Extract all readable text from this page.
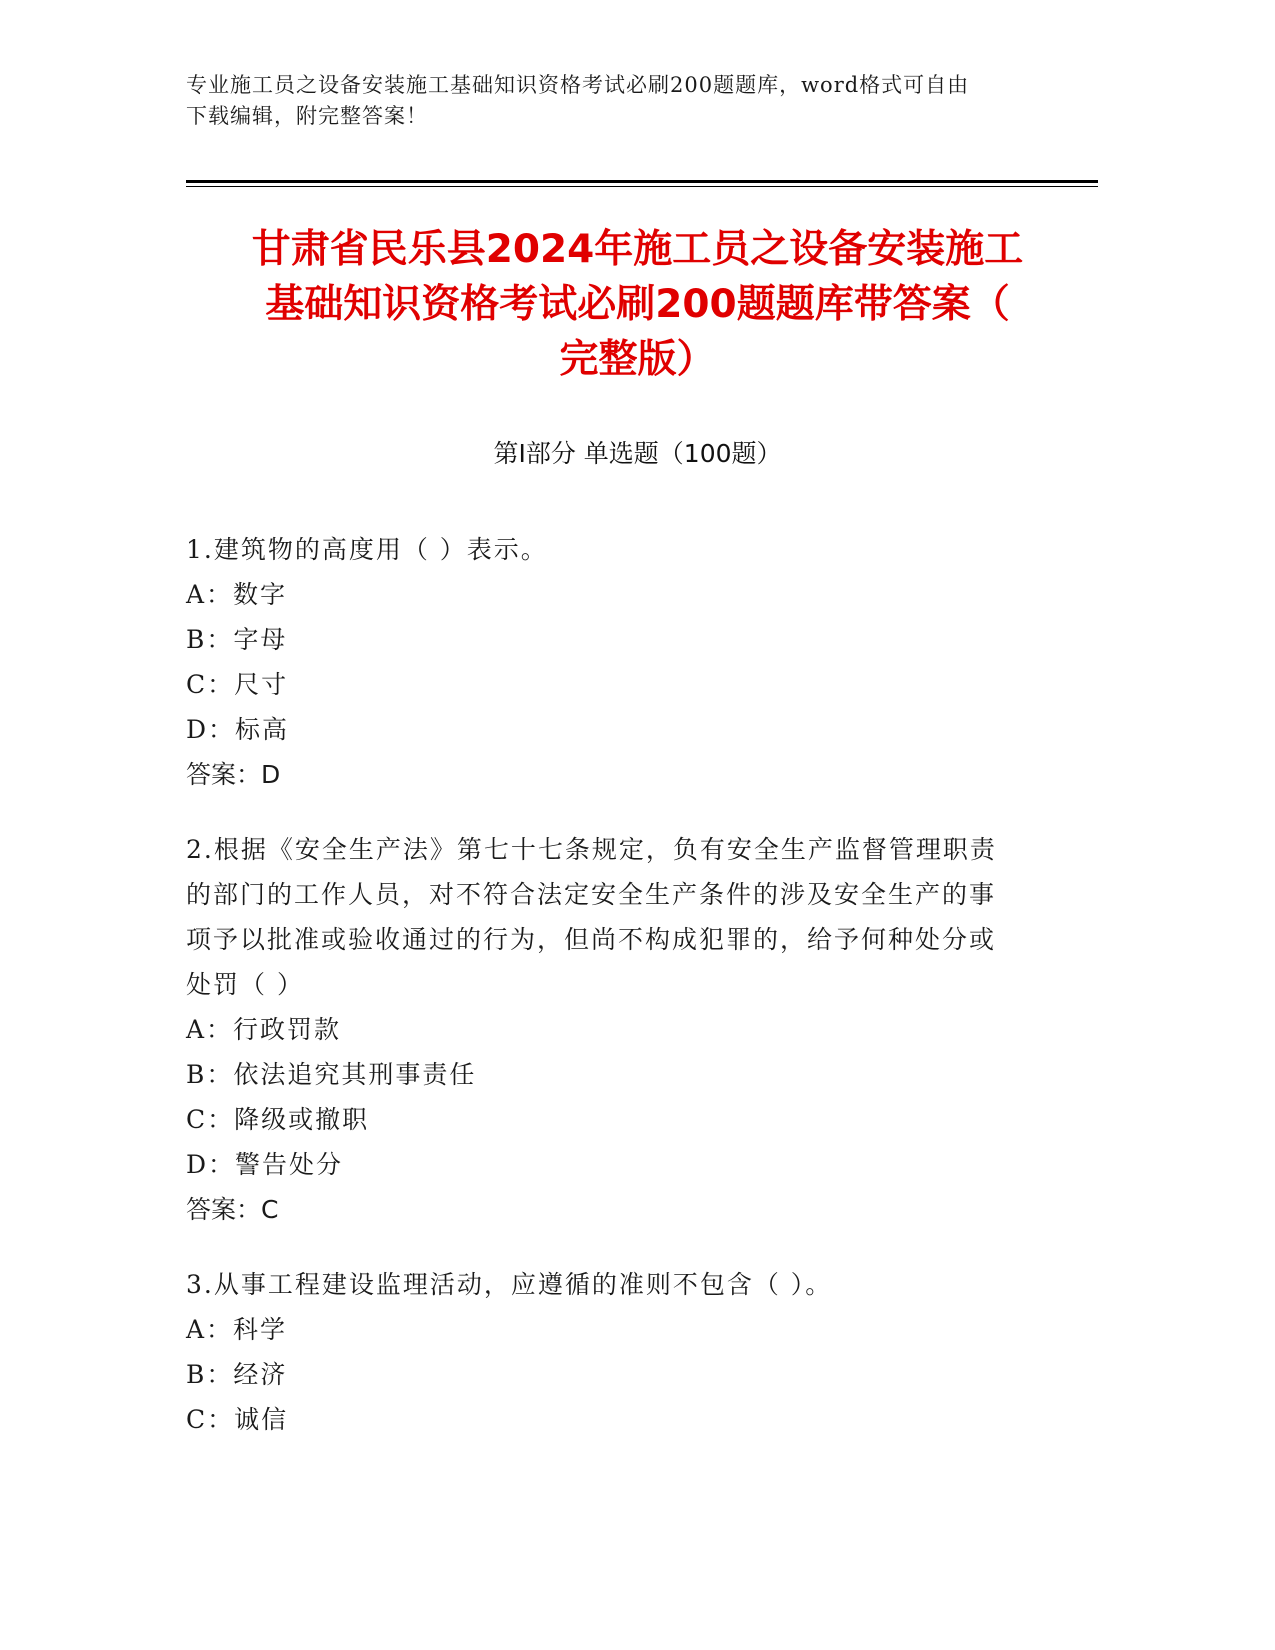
专业施工员之设备安装施工基础知识资格考试必刷200题题库，word格式可自由
下载编辑，附完整答案！
甘肃省民乐县2024年施工员之设备安装施工
基础知识资格考试必刷200题题库带答案（
完整版）
第Ⅰ部分 单选题（100题）
1.建筑物的高度用（ ）表示。
A：数字
B：字母
C：尺寸
D：标高
答案：D
2.根据《安全生产法》第七十七条规定，负有安全生产监督管理职责
的部门的工作人员，对不符合法定安全生产条件的涉及安全生产的事
项予以批准或验收通过的行为，但尚不构成犯罪的，给予何种处分或
处罚（ ）
A：行政罚款
B：依法追究其刑事责任
C：降级或撤职
D：警告处分
答案：C
3.从事工程建设监理活动，应遵循的准则不包含（ ）。
A：科学
B：经济
C：诚信
